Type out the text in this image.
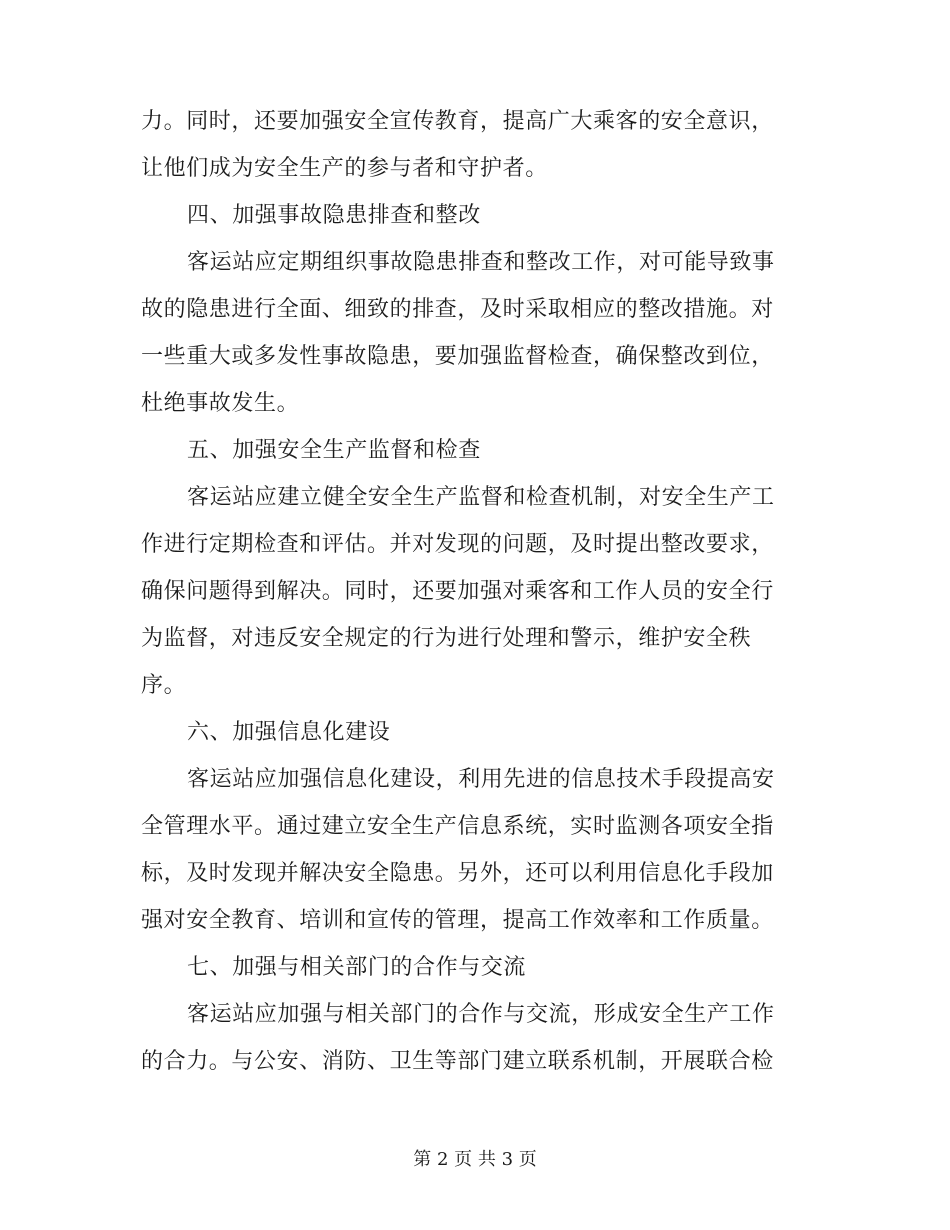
力。同时，还要加强安全宣传教育，提高广大乘客的安全意识，
让他们成为安全生产的参与者和守护者。
四、加强事故隐患排查和整改
客运站应定期组织事故隐患排查和整改工作，对可能导致事
故的隐患进行全面、细致的排查，及时采取相应的整改措施。对
一些重大或多发性事故隐患，要加强监督检查，确保整改到位，
杜绝事故发生。
五、加强安全生产监督和检查
客运站应建立健全安全生产监督和检查机制，对安全生产工
作进行定期检查和评估。并对发现的问题，及时提出整改要求，
确保问题得到解决。同时，还要加强对乘客和工作人员的安全行
为监督，对违反安全规定的行为进行处理和警示，维护安全秩
序。
六、加强信息化建设
客运站应加强信息化建设，利用先进的信息技术手段提高安
全管理水平。通过建立安全生产信息系统，实时监测各项安全指
标，及时发现并解决安全隐患。另外，还可以利用信息化手段加
强对安全教育、培训和宣传的管理，提高工作效率和工作质量。
七、加强与相关部门的合作与交流
客运站应加强与相关部门的合作与交流，形成安全生产工作
的合力。与公安、消防、卫生等部门建立联系机制，开展联合检
第 2 页 共 3 页
